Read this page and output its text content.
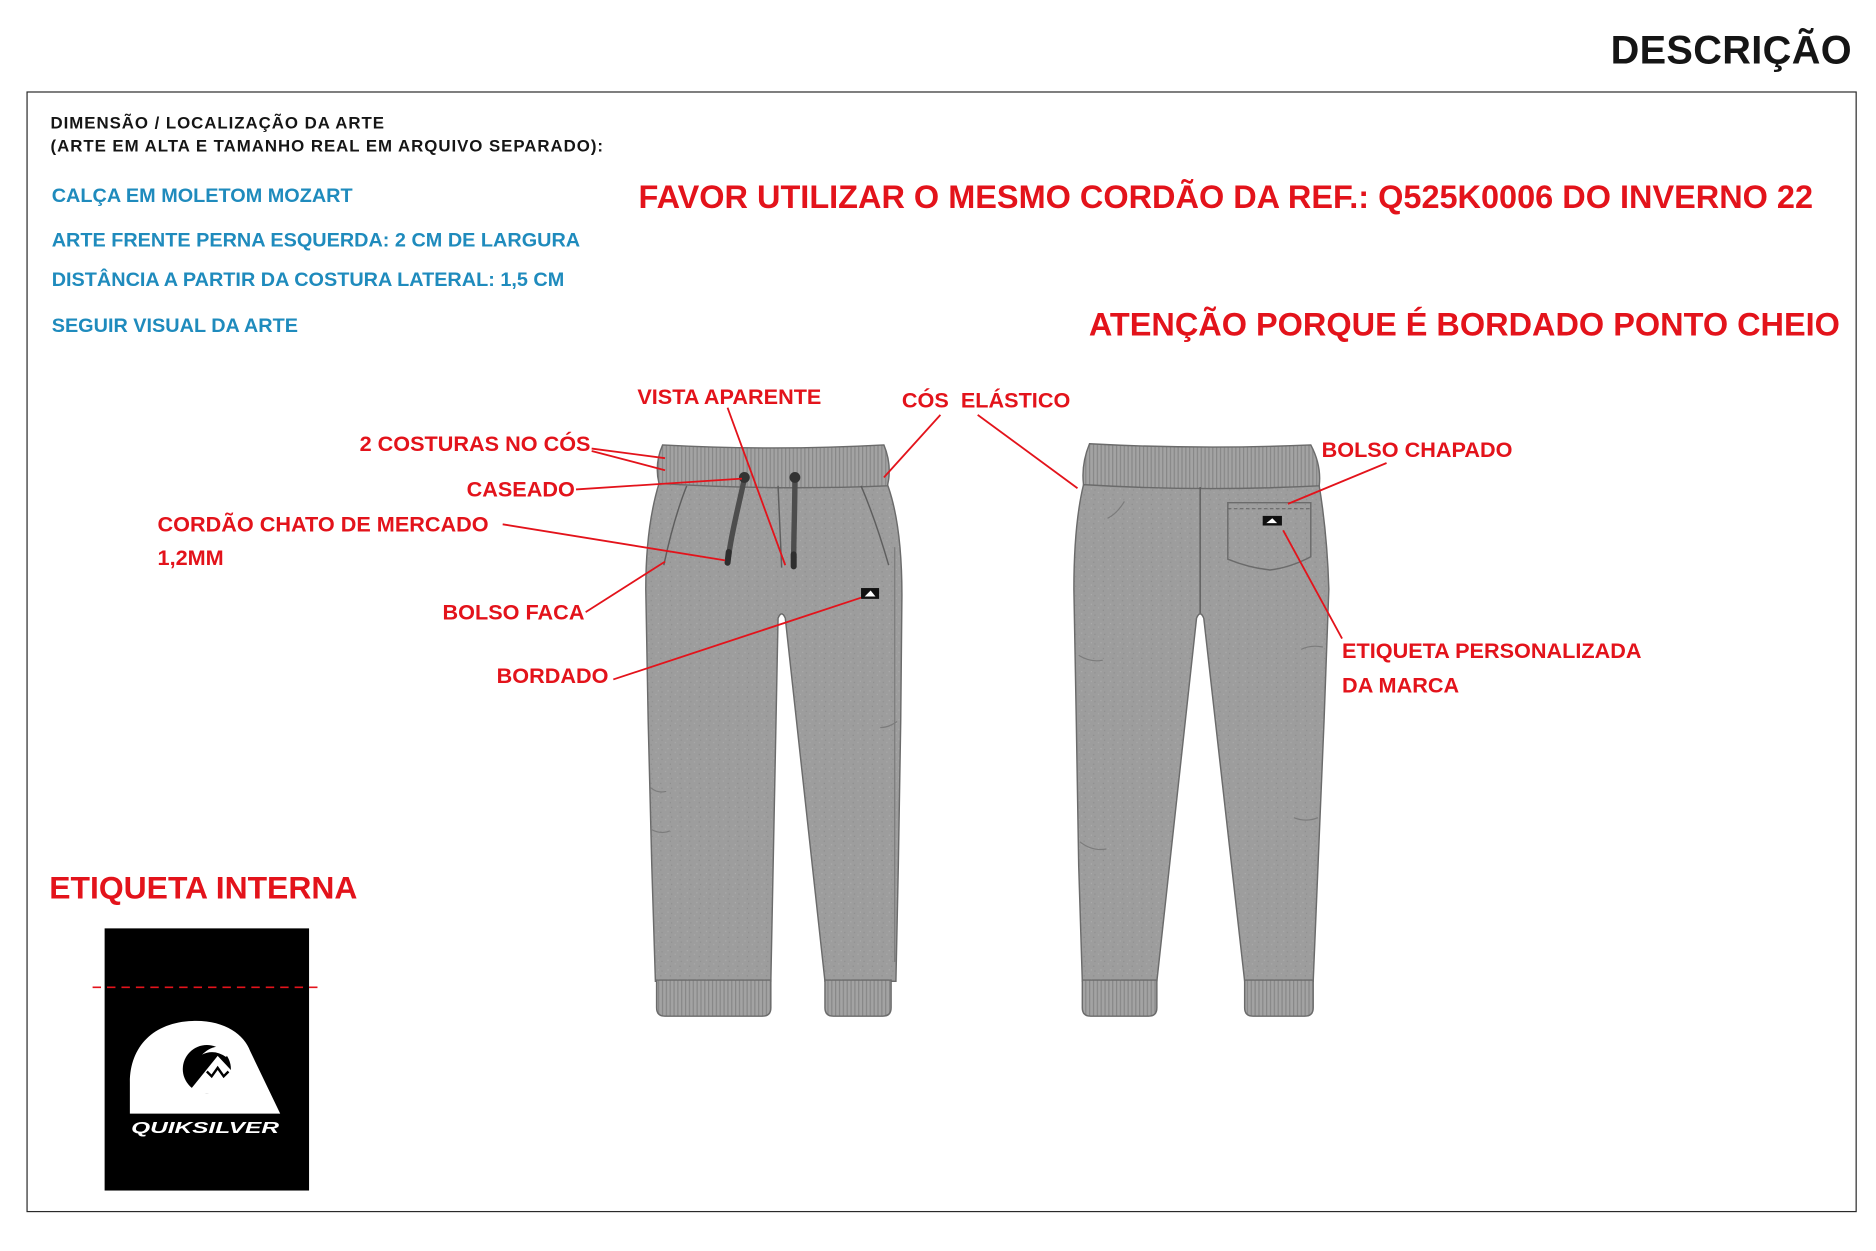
QUIKSILVER
DESCRIÇÃO
DIMENSÃO / LOCALIZAÇÃO DA ARTE
(ARTE EM ALTA E TAMANHO REAL EM ARQUIVO SEPARADO):
CALÇA EM MOLETOM MOZART
ARTE FRENTE PERNA ESQUERDA: 2 CM DE LARGURA
DISTÂNCIA A PARTIR DA COSTURA LATERAL: 1,5 CM
SEGUIR VISUAL DA ARTE
FAVOR UTILIZAR O MESMO CORDÃO DA REF.: Q525K0006 DO INVERNO 22
ATENÇÃO PORQUE É BORDADO PONTO CHEIO
VISTA APARENTE	CÓS  ELÁSTICO
2 COSTURAS NO CÓS
CASEADO
CORDÃO CHATO DE MERCADO
1,2MM
BOLSO FACA
BORDADO
BOLSO CHAPADO
ETIQUETA PERSONALIZADA
DA MARCA
ETIQUETA INTERNA
